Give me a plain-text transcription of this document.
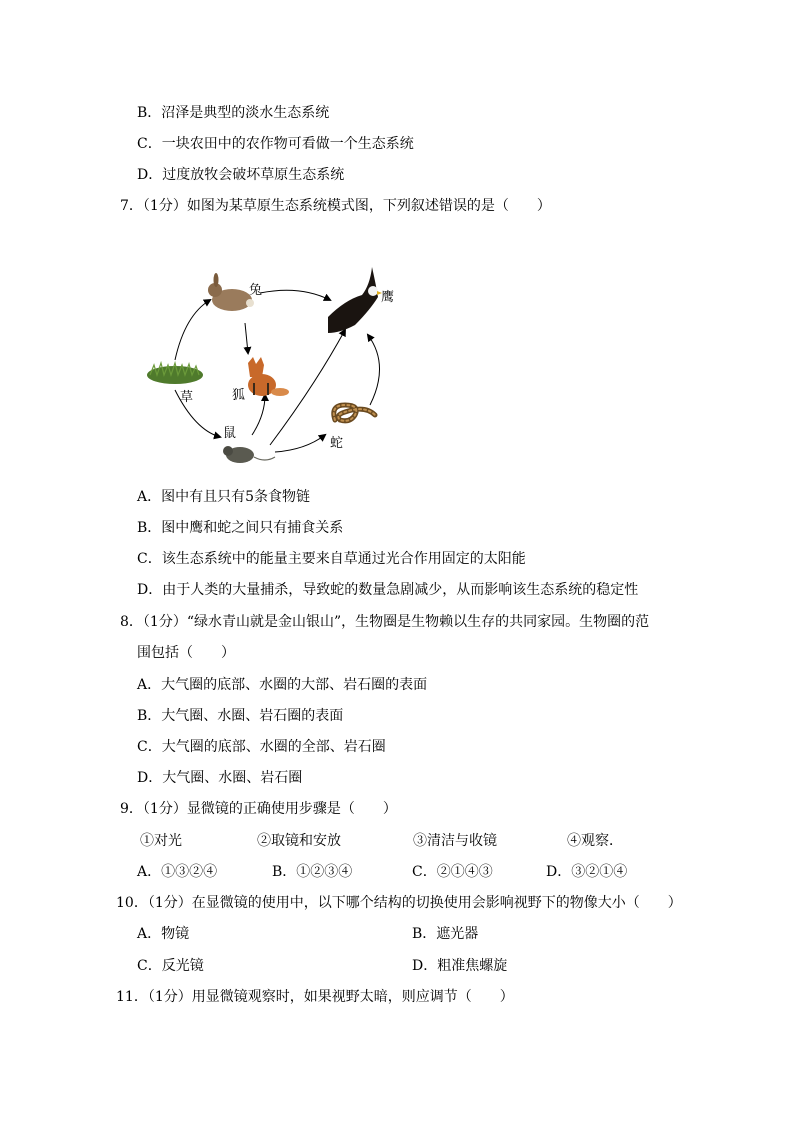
B．沼泽是典型的淡水生态系统
C．一块农田中的农作物可看做一个生态系统
D．过度放牧会破坏草原生态系统
7．（1分）如图为某草原生态系统模式图，下列叙述错误的是（　　）
兔	鹰
草	狐
鼠
蛇
A．图中有且只有5条食物链
B．图中鹰和蛇之间只有捕食关系
C．该生态系统中的能量主要来自草通过光合作用固定的太阳能
D．由于人类的大量捕杀，导致蛇的数量急剧减少，从而影响该生态系统的稳定性
8．（1分）“绿水青山就是金山银山”，生物圈是生物赖以生存的共同家园。生物圈的范
围包括（　　）
A．大气圈的底部、水圈的大部、岩石圈的表面
B．大气圈、水圈、岩石圈的表面
C．大气圈的底部、水圈的全部、岩石圈
D．大气圈、水圈、岩石圈
9．（1分）显微镜的正确使用步骤是（　　）
①对光	②取镜和安放	③清洁与收镜	④观察．
A．①③②④	B．①②③④	C．②①④③	D．③②①④
10．（1分）在显微镜的使用中，以下哪个结构的切换使用会影响视野下的物像大小（　　）
A．物镜	B．遮光器
C．反光镜	D．粗准焦螺旋
11．（1分）用显微镜观察时，如果视野太暗，则应调节（　　）
